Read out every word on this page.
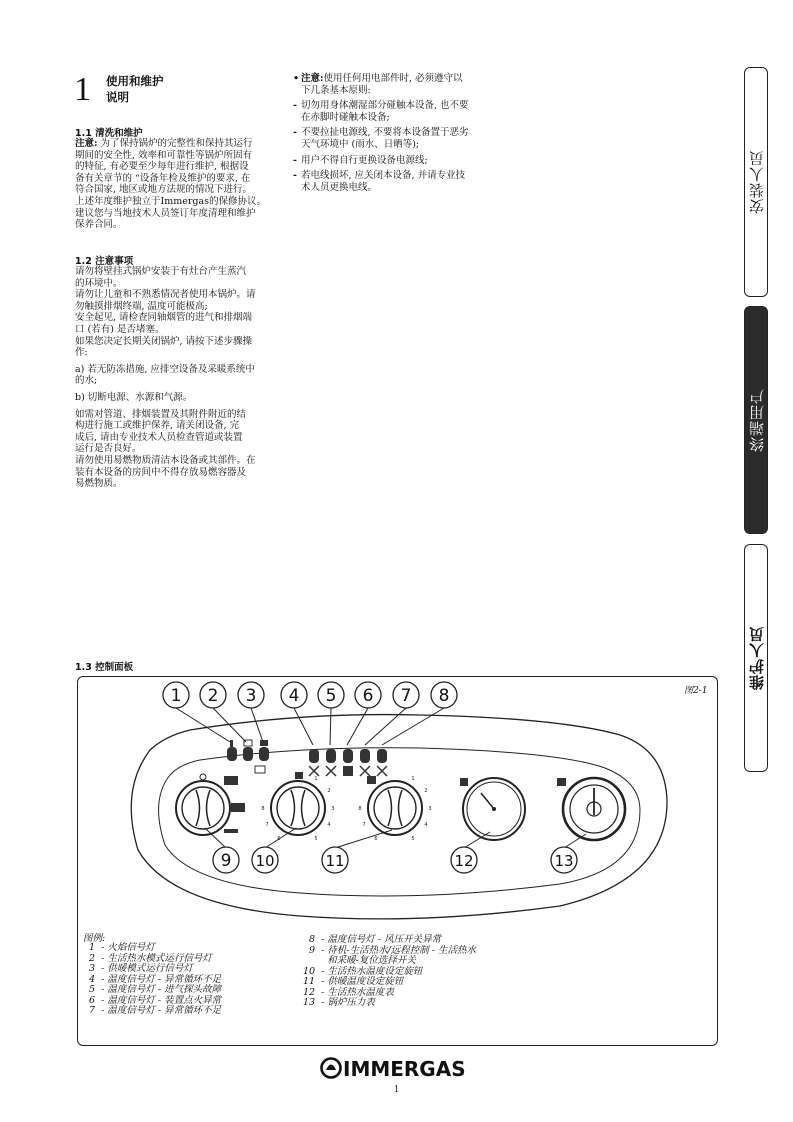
1 使用和维护
说明
1.1 清洗和维护

注意: 为了保持锅炉的完整性和保持其运行

期间的安全性, 效率和可靠性等锅炉所固有

的特征, 有必要至少每年进行维护, 根据设

备有关章节的 “设备年检及维护的要求, 在

符合国家, 地区或地方法规的情况下进行。

上述年度维护独立于Immergas的保修协议。

建议您与当地技术人员签订年度清理和维护

保养合同。

1.2 注意事项

请勿将壁挂式锅炉安装于有灶台产生蒸汽

的环境中。

请勿让儿童和不熟悉情况者使用本锅炉。请

勿触摸排烟终端, 温度可能极高;

安全起见, 请检查同轴烟管的进气和排烟端

口 (若有) 是否堵塞。

如果您决定长期关闭锅炉, 请按下述步骤操

作:

a) 若无防冻措施, 应排空设备及采暖系统中

的水;

b) 切断电源、水源和气源。

如需对管道、排烟装置及其附件附近的结

构进行施工或维护保养, 请关闭设备, 完

成后, 请由专业技术人员检查管道或装置

运行是否良好。

请勿使用易燃物质清洁本设备或其部件。在

装有本设备的房间中不得存放易燃容器及

易燃物质。

• 注意:使用任何用电部件时, 必须遵守以
下几条基本原则:
- 切勿用身体潮湿部分碰触本设备, 也不要
在赤脚时碰触本设备;
- 不要拉扯电源线, 不要将本设备置于恶劣
天气环境中 (雨水、日晒等);
- 用户不得自行更换设备电源线;
- 若电线损坏, 应关闭本设备, 并请专业技
术人员更换电线。	安装人员
终端用户
维护人员
1.3 控制面板
图2-1
1 2 3 4 5 6 7 8
9 10	11	12	13
1
2
3
4
5
6
7
8
1
2
3
4
5
6
7
8
图例:
1  - 火焰信号灯
2  - 生活热水模式运行信号灯
3  - 供暖模式运行信号灯
4  - 温度信号灯 - 异常循环不足
5  - 温度信号灯 - 进气探头故障
6  - 温度信号灯 - 装置点火异常
7  - 温度信号灯 - 异常循环不足
8  - 温度信号灯 - 风压开关异常
9  - 待机-生活热水/远程控制 - 生活热水
和采暖-复位选择开关
10  - 生活热水温度设定旋钮
11  - 供暖温度设定旋钮
12  - 生活热水温度表
13  - 锅炉压力表
IMMERGAS
1
